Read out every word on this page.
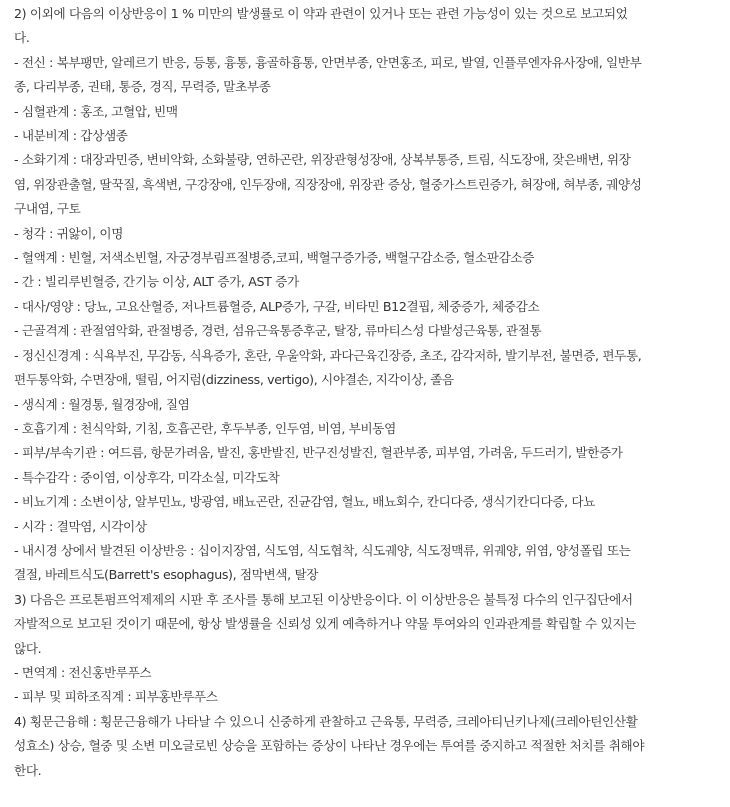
2) 이외에 다음의 이상반응이 1 % 미만의 발생률로 이 약과 관련이 있거나 또는 관련 가능성이 있는 것으로 보고되었
다.
- 전신 : 복부팽만, 알레르기 반응, 등통, 흉통, 흉골하흉통, 안면부종, 안면홍조, 피로, 발열, 인플루엔자유사장애, 일반부
종, 다리부종, 권태, 통증, 경직, 무력증, 말초부종
- 심혈관계 : 홍조, 고혈압, 빈맥
- 내분비계 : 갑상샘종
- 소화기계 : 대장과민증, 변비악화, 소화불량, 연하곤란, 위장관형성장애, 상복부통증, 트림, 식도장애, 잦은배변, 위장
염, 위장관출혈, 딸꾹질, 흑색변, 구강장애, 인두장애, 직장장애, 위장관 증상, 혈중가스트린증가, 혀장애, 혀부종, 궤양성
구내염, 구토
- 청각 : 귀앓이, 이명
- 혈액계 : 빈혈, 저색소빈혈, 자궁경부림프절병증,코피, 백혈구증가증, 백혈구감소증, 혈소판감소증
- 간 : 빌리루빈혈증, 간기능 이상, ALT 증가, AST 증가
- 대사/영양 : 당뇨, 고요산혈증, 저나트륨혈증, ALP증가, 구갈, 비타민 B12결핍, 체중증가, 체중감소
- 근골격계 : 관절염악화, 관절병증, 경련, 섬유근육통증후군, 탈장, 류마티스성 다발성근육통, 관절통
- 정신신경계 : 식욕부진, 무감동, 식욕증가, 혼란, 우울악화, 과다근육긴장증, 초조, 감각저하, 발기부전, 불면증, 편두통,
편두통악화, 수면장애, 떨림, 어지럼(dizziness, vertigo), 시야결손, 지각이상, 졸음
- 생식계 : 월경통, 월경장애, 질염
- 호흡기계 : 천식악화, 기침, 호흡곤란, 후두부종, 인두염, 비염, 부비동염
- 피부/부속기관 : 여드름, 항문가려움, 발진, 홍반발진, 반구진성발진, 혈관부종, 피부염, 가려움, 두드러기, 발한증가
- 특수감각 : 중이염, 이상후각, 미각소실, 미각도착
- 비뇨기계 : 소변이상, 알부민뇨, 방광염, 배뇨곤란, 진균감염, 혈뇨, 배뇨회수, 칸디다증, 생식기칸디다증, 다뇨
- 시각 : 결막염, 시각이상
- 내시경 상에서 발견된 이상반응 : 십이지장염, 식도염, 식도협착, 식도궤양, 식도정맥류, 위궤양, 위염, 양성폴립 또는
결절, 바레트식도(Barrett's esophagus), 점막변색, 탈장
3) 다음은 프로톤펌프억제제의 시판 후 조사를 통해 보고된 이상반응이다. 이 이상반응은 불특정 다수의 인구집단에서
자발적으로 보고된 것이기 때문에, 항상 발생률을 신뢰성 있게 예측하거나 약물 투여와의 인과관계를 확립할 수 있지는
않다.
- 면역계 : 전신홍반루푸스
- 피부 및 피하조직계 : 피부홍반루푸스
4) 횡문근융해 : 횡문근융해가 나타날 수 있으니 신중하게 관찰하고 근육통, 무력증, 크레아티닌키나제(크레아틴인산활
성효소) 상승, 혈중 및 소변 미오글로빈 상승을 포함하는 증상이 나타난 경우에는 투여를 중지하고 적절한 처치를 취해야
한다.
